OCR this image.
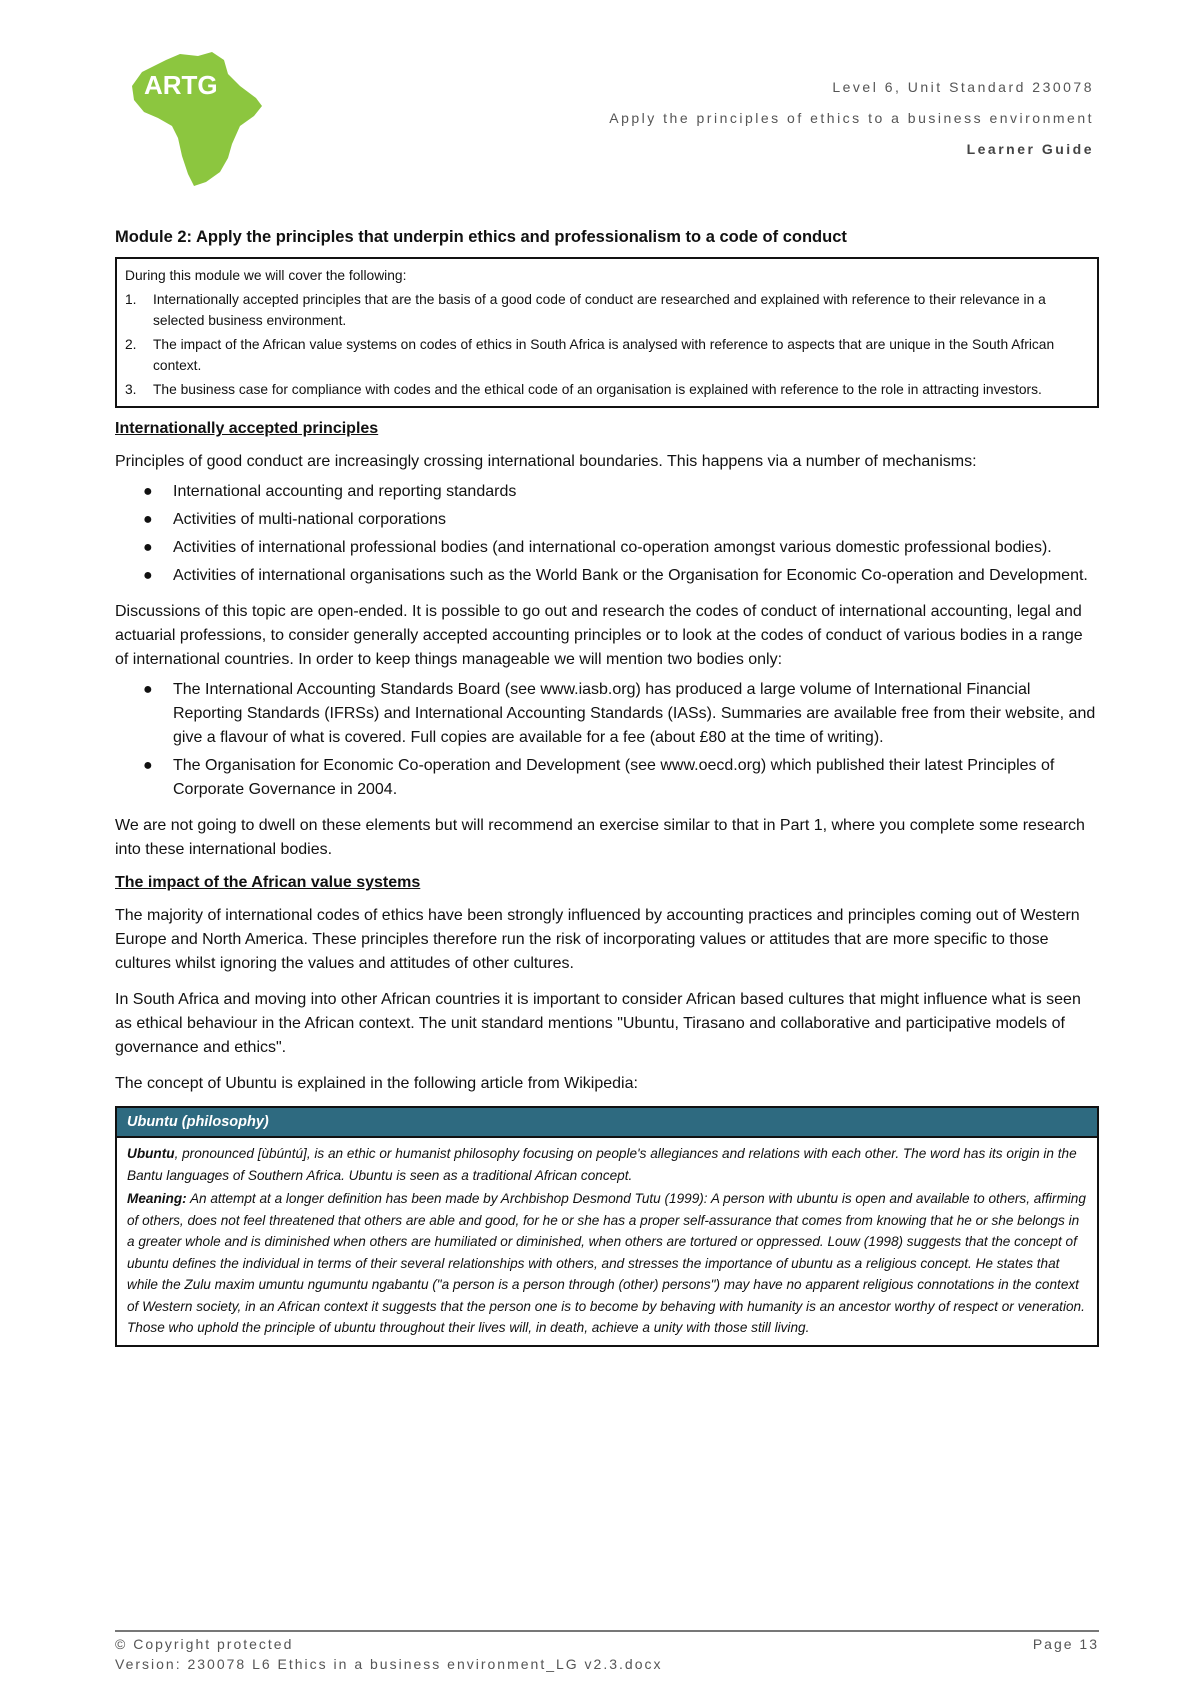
ARTG	Level 6, Unit Standard 230078
Apply the principles of ethics to a business environment
Learner Guide
Module 2: Apply the principles that underpin ethics and professionalism to a code of conduct
During this module we will cover the following:
1. Internationally accepted principles that are the basis of a good code of conduct are researched and explained with reference to their relevance in a selected business environment.
2. The impact of the African value systems on codes of ethics in South Africa is analysed with reference to aspects that are unique in the South African context.
3. The business case for compliance with codes and the ethical code of an organisation is explained with reference to the role in attracting investors.
Internationally accepted principles

Principles of good conduct are increasingly crossing international boundaries. This happens via a number of mechanisms:

● International accounting and reporting standards
● Activities of multi-national corporations
● Activities of international professional bodies (and international co-operation amongst various domestic professional bodies).
● Activities of international organisations such as the World Bank or the Organisation for Economic Co-operation and Development.

Discussions of this topic are open-ended. It is possible to go out and research the codes of conduct of international accounting, legal and actuarial professions, to consider generally accepted accounting principles or to look at the codes of conduct of various bodies in a range of international countries. In order to keep things manageable we will mention two bodies only:

● The International Accounting Standards Board (see www.iasb.org) has produced a large volume of International Financial Reporting Standards (IFRSs) and International Accounting Standards (IASs). Summaries are available free from their website, and give a flavour of what is covered. Full copies are available for a fee (about £80 at the time of writing).
● The Organisation for Economic Co-operation and Development (see www.oecd.org) which published their latest Principles of Corporate Governance in 2004.

We are not going to dwell on these elements but will recommend an exercise similar to that in Part 1, where you complete some research into these international bodies.

The impact of the African value systems

The majority of international codes of ethics have been strongly influenced by accounting practices and principles coming out of Western Europe and North America. These principles therefore run the risk of incorporating values or attitudes that are more specific to those cultures whilst ignoring the values and attitudes of other cultures.

In South Africa and moving into other African countries it is important to consider African based cultures that might influence what is seen as ethical behaviour in the African context. The unit standard mentions "Ubuntu, Tirasano and collaborative and participative models of governance and ethics".

The concept of Ubuntu is explained in the following article from Wikipedia:

Ubuntu (philosophy)
Ubuntu, pronounced [ùbúntú], is an ethic or humanist philosophy focusing on people's allegiances and relations with each other. The word has its origin in the Bantu languages of Southern Africa. Ubuntu is seen as a traditional African concept.
Meaning: An attempt at a longer definition has been made by Archbishop Desmond Tutu (1999): A person with ubuntu is open and available to others, affirming of others, does not feel threatened that others are able and good, for he or she has a proper self-assurance that comes from knowing that he or she belongs in a greater whole and is diminished when others are humiliated or diminished, when others are tortured or oppressed. Louw (1998) suggests that the concept of ubuntu defines the individual in terms of their several relationships with others, and stresses the importance of ubuntu as a religious concept. He states that while the Zulu maxim umuntu ngumuntu ngabantu ("a person is a person through (other) persons") may have no apparent religious connotations in the context of Western society, in an African context it suggests that the person one is to become by behaving with humanity is an ancestor worthy of respect or veneration. Those who uphold the principle of ubuntu throughout their lives will, in death, achieve a unity with those still living.
© Copyright protected	Page 13
Version: 230078 L6 Ethics in a business environment_LG v2.3.docx
